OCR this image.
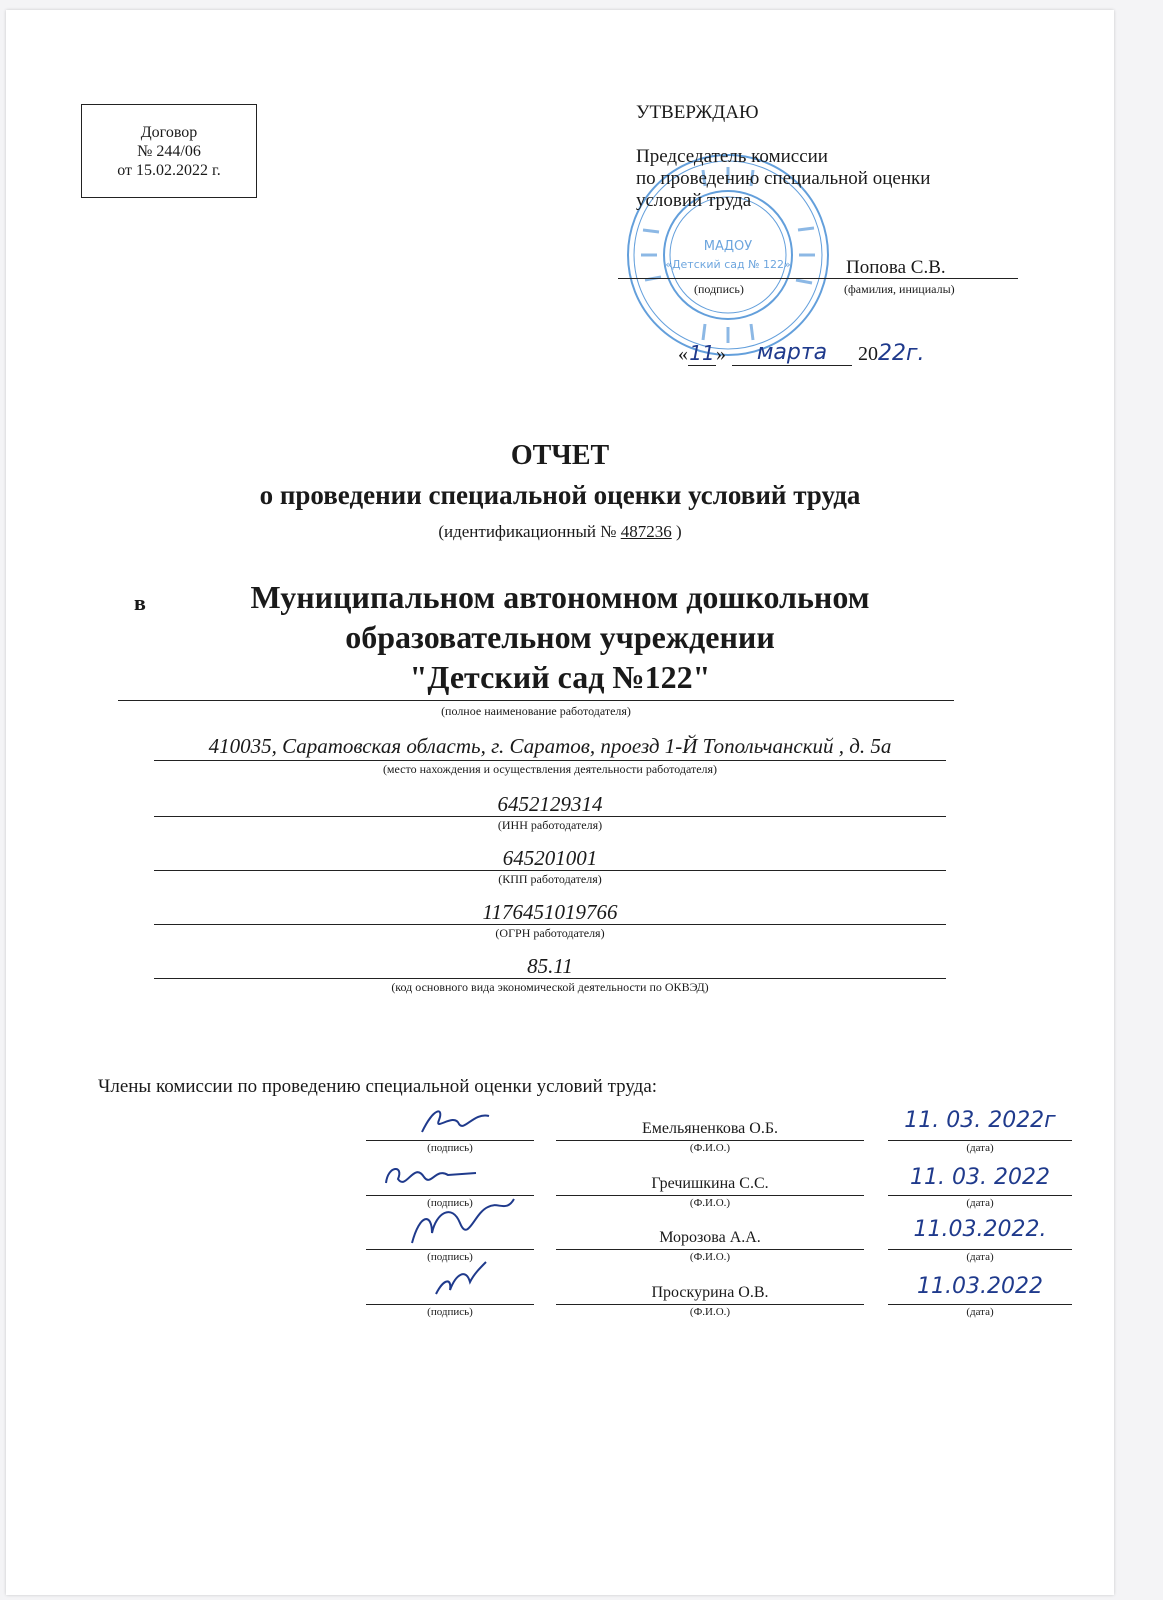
Договор
№ 244/06
от 15.02.2022 г.
МАДОУ
«Детский сад № 122»
УТВЕРЖДАЮ
Председатель комиссии
по проведению специальной оценки
условий труда
Попова С.В.
(подпись)	(фамилия, инициалы)
« 11 »	марта	20 22г.
ОТЧЕТ
о проведении специальной оценки условий труда
(идентификационный № 487236 )
в	Муниципальном автономном дошкольном
образовательном учреждении
"Детский сад №122"
(полное наименование работодателя)
410035, Саратовская область, г. Саратов, проезд 1-Й Топольчанский , д. 5а
(место нахождения и осуществления деятельности работодателя)
6452129314
(ИНН работодателя)
645201001
(КПП работодателя)
1176451019766
(ОГРН работодателя)
85.11
(код основного вида экономической деятельности по ОКВЭД)
Члены комиссии по проведению специальной оценки условий труда:
(подпись)
Емельяненкова О.Б.
(Ф.И.О.)
11. 03. 2022г
(дата)
(подпись)
Гречишкина С.С.
(Ф.И.О.)
11. 03. 2022
(дата)
(подпись)
Морозова А.А.
(Ф.И.О.)
11.03.2022.
(дата)
(подпись)
Проскурина О.В.
(Ф.И.О.)
11.03.2022
(дата)
